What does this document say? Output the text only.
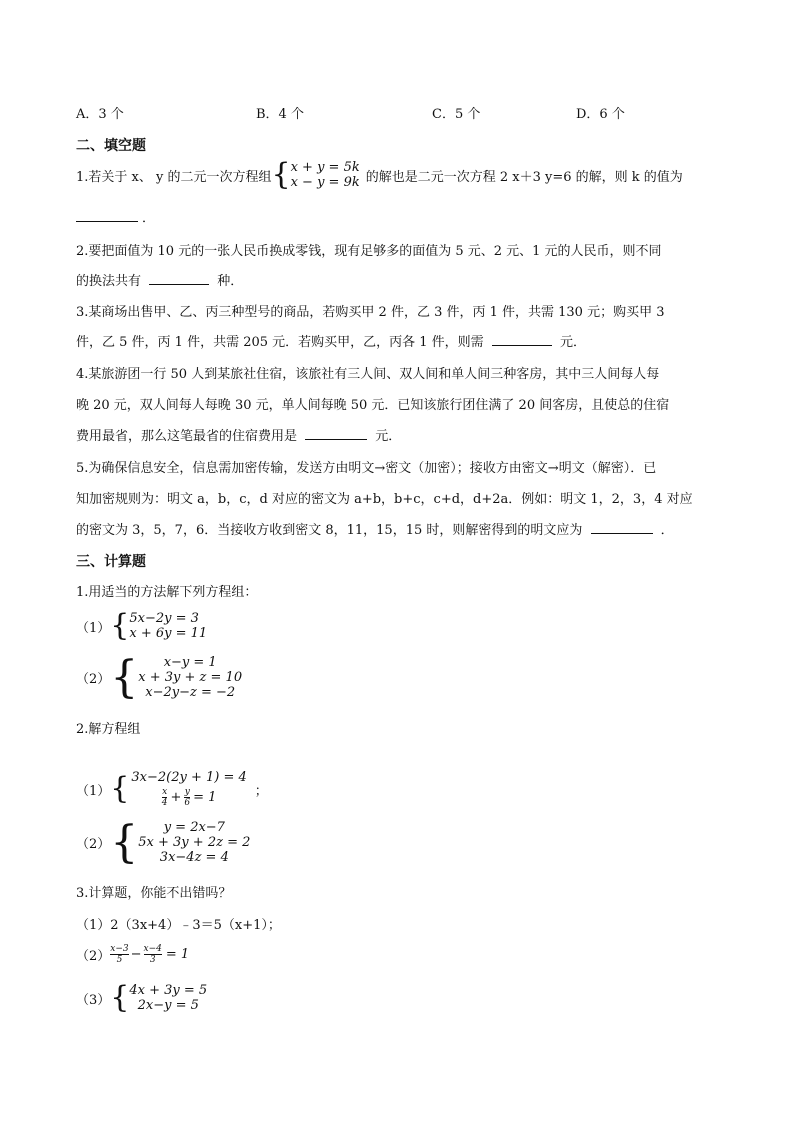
A．3 个	B．4 个	C．5 个	D．6 个
二、填空题
1.若关于 x、 y 的二元一次方程组 { x + y = 5k
x − y = 9k 的解也是二元一次方程 2 x＋3 y=6 的解，则 k 的值为
．
2.要把面值为 10 元的一张人民币换成零钱，现有足够多的面值为 5 元、2 元、1 元的人民币，则不同
的换法共有	种．
3.某商场出售甲、乙、丙三种型号的商品，若购买甲 2 件，乙 3 件，丙 1 件，共需 130 元；购买甲 3
件，乙 5 件，丙 1 件，共需 205 元．若购买甲，乙，丙各 1 件，则需	元．
4.某旅游团一行 50 人到某旅社住宿，该旅社有三人间、双人间和单人间三种客房，其中三人间每人每
晚 20 元，双人间每人每晚 30 元，单人间每晚 50 元．已知该旅行团住满了 20 间客房，且使总的住宿
费用最省，那么这笔最省的住宿费用是	元．
5.为确保信息安全，信息需加密传输，发送方由明文→密文（加密）；接收方由密文→明文（解密）．已
知加密规则为：明文 a，b，c，d 对应的密文为 a+b，b+c，c+d，d+2a．例如：明文 1，2，3，4 对应
的密文为 3，5，7，6．当接收方收到密文 8，11，15，15 时，则解密得到的明文应为	．
三、计算题
1.用适当的方法解下列方程组：
（1） { 5x−2y = 3
x + 6y = 11
（2） {	x−y = 1
x + 3y + z = 10
x−2y−z = −2
2.解方程组
（1） { 3x−2(2y + 1) = 4
$\frac{x}{4} + \frac{y}{6} = 1$	；
（2） {	y = 2x−7
5x + 3y + 2z = 2
3x−4z = 4
3.计算题，你能不出错吗？
（1）2（3x+4）﹣3＝5（x+1）；
$(2) \frac{x-3}{5} - \frac{x-4}{3} = 1$
（3） { 4x + 3y = 5
2x−y = 5
